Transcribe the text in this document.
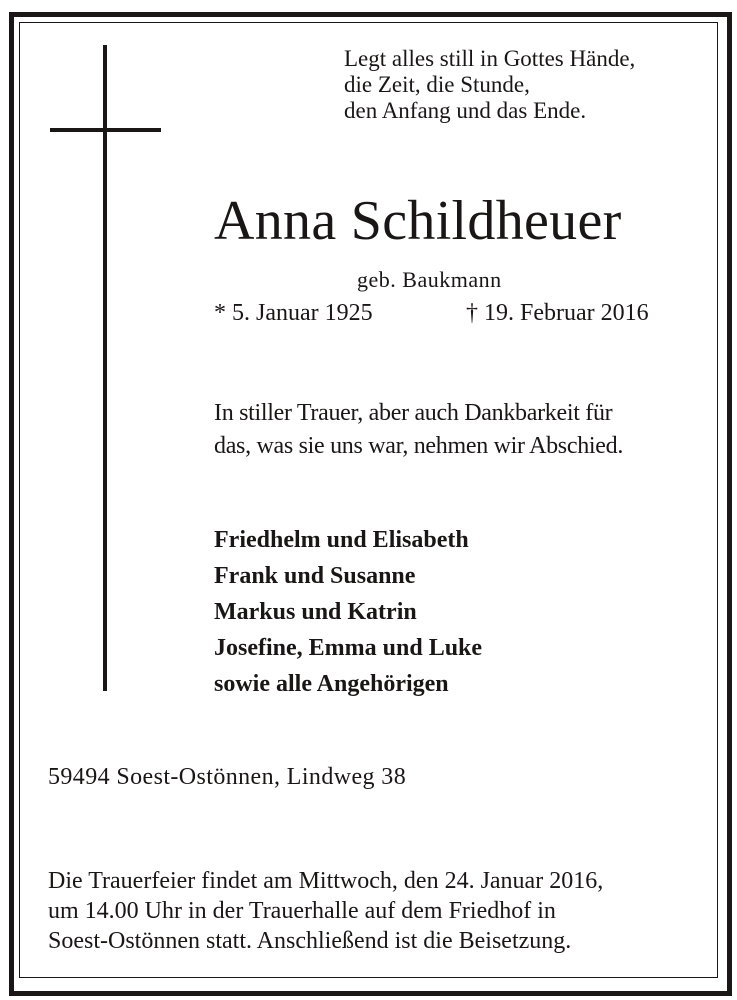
Legt alles still in Gottes Hände,
die Zeit, die Stunde,
den Anfang und das Ende.
Anna Schildheuer
geb. Baukmann
* 5. Januar 1925	† 19. Februar 2016
In stiller Trauer, aber auch Dankbarkeit für
das, was sie uns war, nehmen wir Abschied.
Friedhelm und Elisabeth
Frank und Susanne
Markus und Katrin
Josefine, Emma und Luke
sowie alle Angehörigen
59494 Soest-Ostönnen, Lindweg 38
Die Trauerfeier findet am Mittwoch, den 24. Januar 2016,
um 14.00 Uhr in der Trauerhalle auf dem Friedhof in
Soest-Ostönnen statt. Anschließend ist die Beisetzung.
